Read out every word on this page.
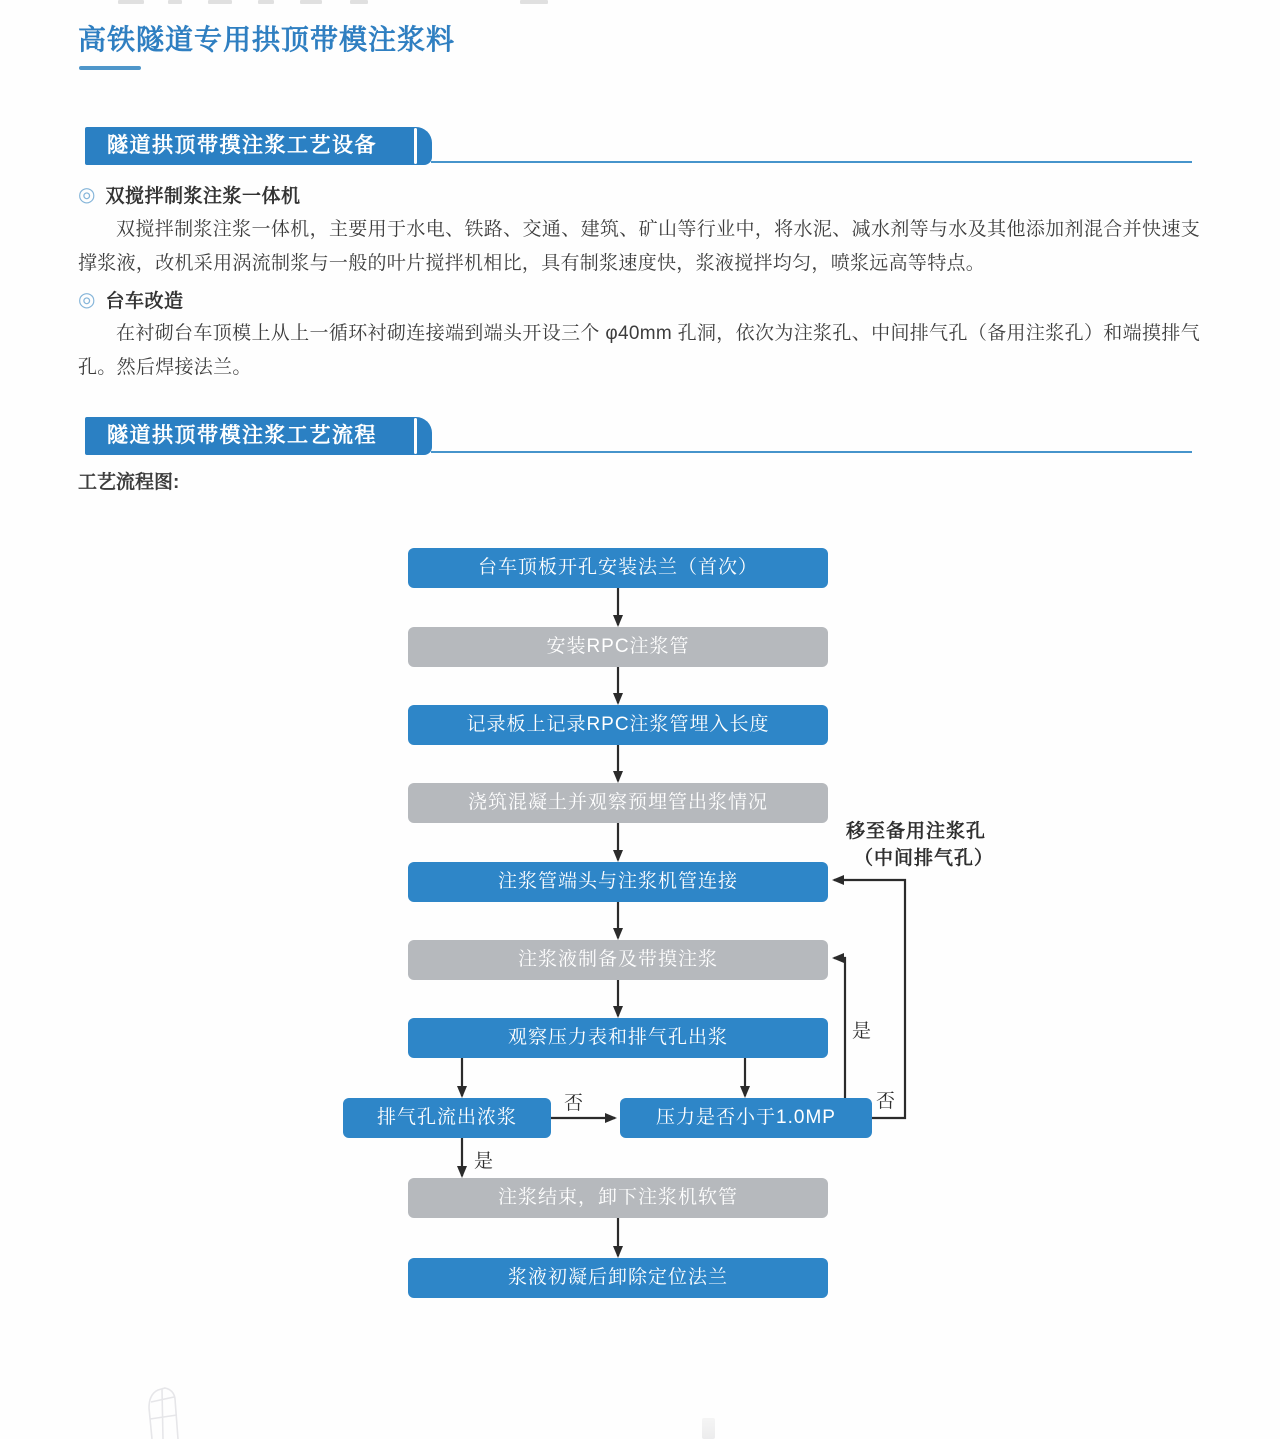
高铁隧道专用拱顶带模注浆料
隧道拱顶带摸注浆工艺设备
◎ 双搅拌制浆注浆一体机
双搅拌制浆注浆一体机，主要用于水电、铁路、交通、建筑、矿山等行业中，将水泥、减水剂等与水及其他添加剂混合并快速支撑浆液，改机采用涡流制浆与一般的叶片搅拌机相比，具有制浆速度快，浆液搅拌均匀，喷浆远高等特点。
◎ 台车改造
在衬砌台车顶模上从上一循环衬砌连接端到端头开设三个 φ40mm 孔洞，依次为注浆孔、中间排气孔（备用注浆孔）和端摸排气孔。然后焊接法兰。
隧道拱顶带模注浆工艺流程
工艺流程图:
台车顶板开孔安装法兰（首次）
安装RPC注浆管
记录板上记录RPC注浆管埋入长度
浇筑混凝土并观察预埋管出浆情况
注浆管端头与注浆机管连接
注浆液制备及带摸注浆
观察压力表和排气孔出浆
排气孔流出浓浆	压力是否小于1.0MP
注浆结束，卸下注浆机软管
浆液初凝后卸除定位法兰
否
是
否
是
移至备用注浆孔
（中间排气孔）
